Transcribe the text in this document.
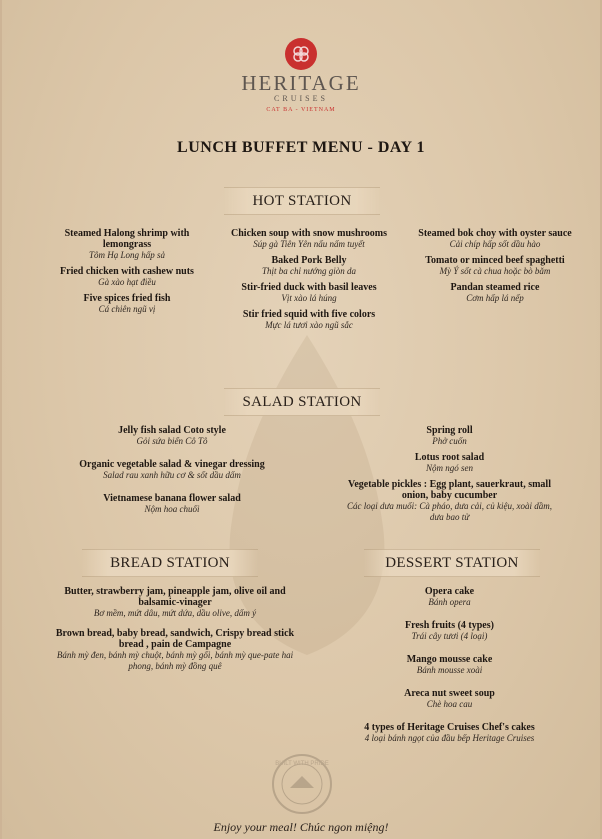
HERITAGE
CRUISES
CAT BA - VIETNAM
LUNCH BUFFET MENU - DAY 1
HOT STATION
Steamed Halong shrimp with lemongrass
Tôm Hạ Long hấp sả
Fried chicken with cashew nuts
Gà xào hạt điều
Five spices fried fish
Cá chiên ngũ vị
Chicken soup with snow mushrooms
Súp gà Tiên Yên nấu nấm tuyết
Baked Pork Belly
Thịt ba chỉ nướng giòn da
Stir-fried duck with basil leaves
Vịt xào lá húng
Stir fried squid with five colors
Mực lá tươi xào ngũ sắc
Steamed bok choy with oyster sauce
Cải chíp hấp sốt dầu hào
Tomato or minced beef spaghetti
Mỳ Ý sốt cà chua hoặc bò băm
Pandan steamed rice
Cơm hấp lá nếp
SALAD STATION
Jelly fish salad Coto style
Gỏi sứa biển Cô Tô
Organic vegetable salad & vinegar dressing
Salad rau xanh hữu cơ & sốt dầu dấm
Vietnamese banana flower salad
Nộm hoa chuối
Spring roll
Phở cuốn
Lotus root salad
Nộm ngó sen
Vegetable pickles : Egg plant, sauerkraut, small onion, baby cucumber
Các loại dưa muối: Cà pháo, dưa cải, củ kiệu, xoài dầm, dưa bao tử
BREAD STATION
Butter, strawberry jam, pineapple jam, olive oil and balsamic-vinager
Bơ mềm, mứt dâu, mứt dứa, dầu olive, dấm ý
Brown bread, baby bread, sandwich, Crispy bread stick bread , pain de Campagne
Bánh mỳ đen, bánh mỳ chuột, bánh mỳ gối, bánh mỳ que-pate hai phong, bánh mỳ đồng quê
DESSERT STATION
Opera cake
Bánh opera
Fresh fruits (4 types)
Trái cây tươi (4 loại)
Mango mousse cake
Bánh mousse xoài
Areca nut sweet soup
Chè hoa cau
4 types of Heritage Cruises Chef's cakes
4 loại bánh ngọt của đầu bếp Heritage Cruises
BUILT WITH PRIDE
Enjoy your meal! Chúc ngon miệng!
